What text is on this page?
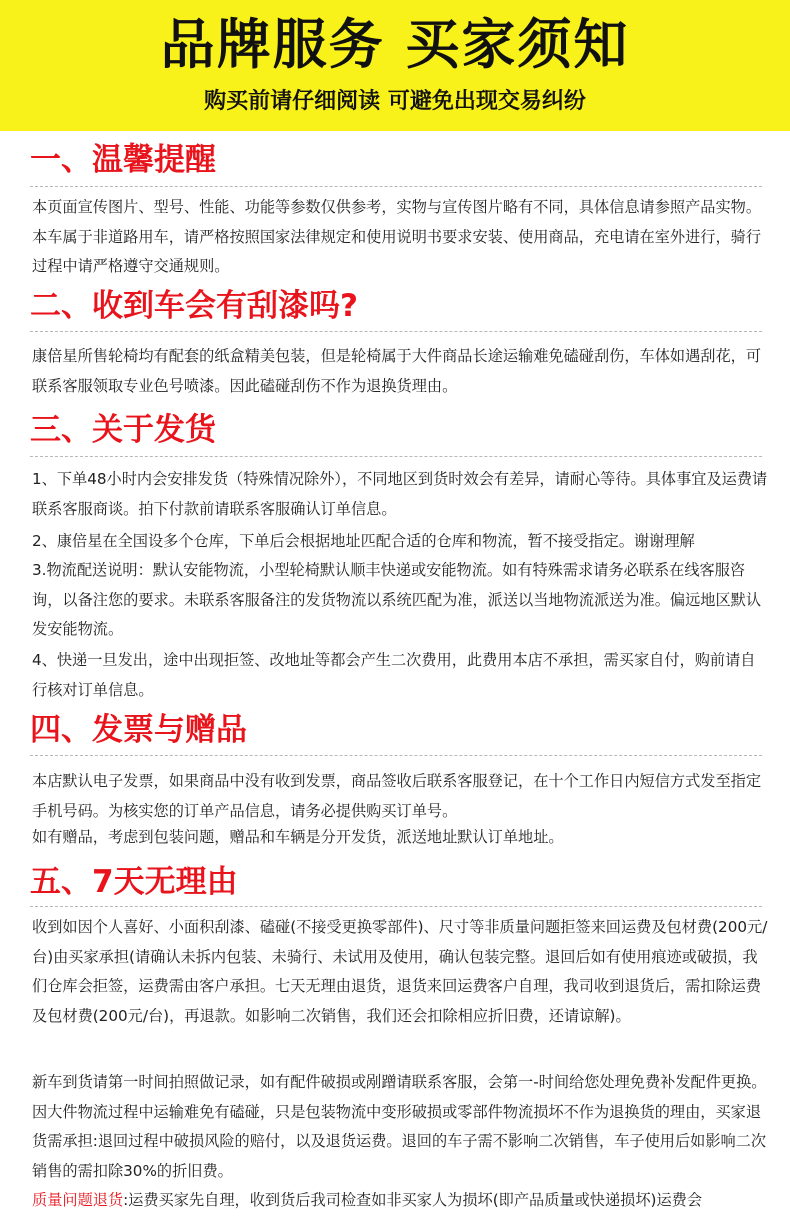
品牌服务 买家须知
购买前请仔细阅读 可避免出现交易纠纷
一、温馨提醒
本页面宣传图片、型号、性能、功能等参数仅供参考，实物与宣传图片略有不同，具体信息请参照产品实物。本车属于非道路用车，请严格按照国家法律规定和使用说明书要求安装、使用商品，充电请在室外进行，骑行过程中请严格遵守交通规则。
二、收到车会有刮漆吗?
康倍星所售轮椅均有配套的纸盒精美包装，但是轮椅属于大件商品长途运输难免磕碰刮伤，车体如遇刮花，可联系客服领取专业色号喷漆。因此磕碰刮伤不作为退换货理由。
三、关于发货
1、下单48小时内会安排发货（特殊情况除外），不同地区到货时效会有差异，请耐心等待。具体事宜及运费请联系客服商谈。拍下付款前请联系客服确认订单信息。
2、康倍星在全国设多个仓库，下单后会根据地址匹配合适的仓库和物流，暂不接受指定。谢谢理解
3.物流配送说明：默认安能物流，小型轮椅默认顺丰快递或安能物流。如有特殊需求请务必联系在线客服咨询，以备注您的要求。未联系客服备注的发货物流以系统匹配为准，派送以当地物流派送为准。偏远地区默认发安能物流。
4、快递一旦发出，途中出现拒签、改地址等都会产生二次费用，此费用本店不承担，需买家自付，购前请自行核对订单信息。
四、发票与赠品
本店默认电子发票，如果商品中没有收到发票，商品签收后联系客服登记，在十个工作日内短信方式发至指定手机号码。为核实您的订单产品信息，请务必提供购买订单号。
如有赠品，考虑到包装问题，赠品和车辆是分开发货，派送地址默认订单地址。
五、7天无理由
收到如因个人喜好、小面积刮漆、磕碰(不接受更换零部件)、尺寸等非质量问题拒签来回运费及包材费(200元/台)由买家承担(请确认未拆内包装、未骑行、未试用及使用，确认包装完整。退回后如有使用痕迹或破损，我们仓库会拒签，运费需由客户承担。七天无理由退货，退货来回运费客户自理，我司收到退货后，需扣除运费及包材费(200元/台)，再退款。如影响二次销售，我们还会扣除相应折旧费，还请谅解)。
新车到货请第一时间拍照做记录，如有配件破损或剐蹭请联系客服，会第一-时间给您处理免费补发配件更换。因大件物流过程中运输难免有磕碰，只是包装物流中变形破损或零部件物流损坏不作为退换货的理由，买家退货需承担:退回过程中破损风险的赔付，以及退货运费。退回的车子需不影响二次销售，车子使用后如影响二次销售的需扣除30%的折旧费。
质量问题退货:运费买家先自理，收到货后我司检查如非买家人为损坏(即产品质量或快递损坏)运费会
